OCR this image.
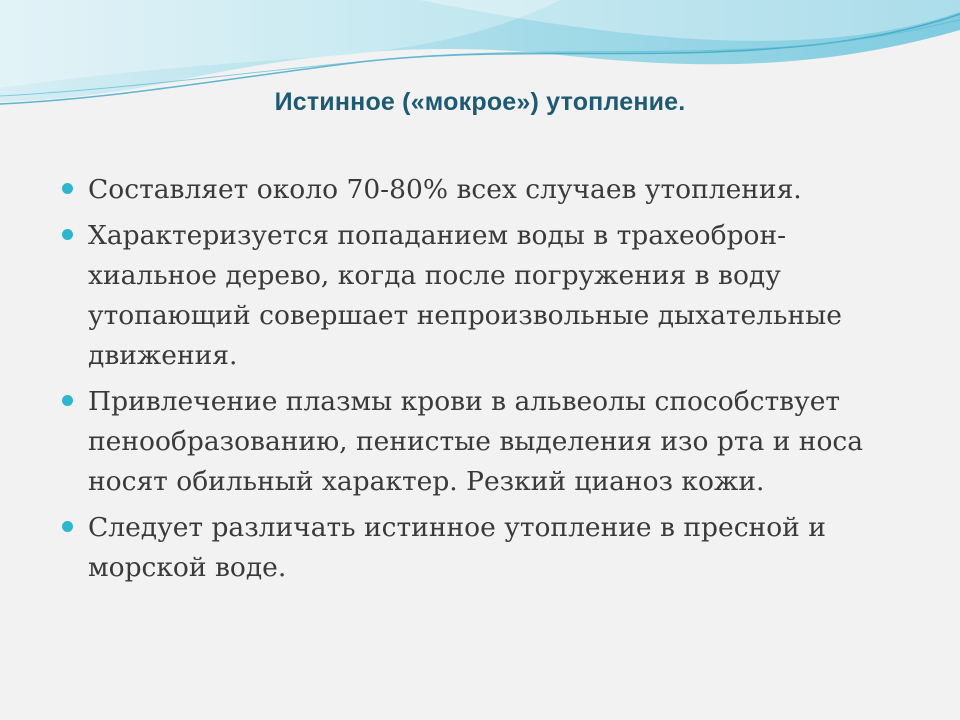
Истинное («мокрое») утопление.
Составляет около 70-80% всех случаев утопления.
Характеризуется попаданием воды в трахеоброн-хиальное дерево, когда после погружения в воду утопающий совершает непроизвольные дыхательные движения.
Привлечение плазмы крови в альвеолы способствует пенообразованию, пенистые выделения изо рта и носа носят обильный характер. Резкий цианоз кожи.
Следует различать истинное утопление в пресной и морской воде.
